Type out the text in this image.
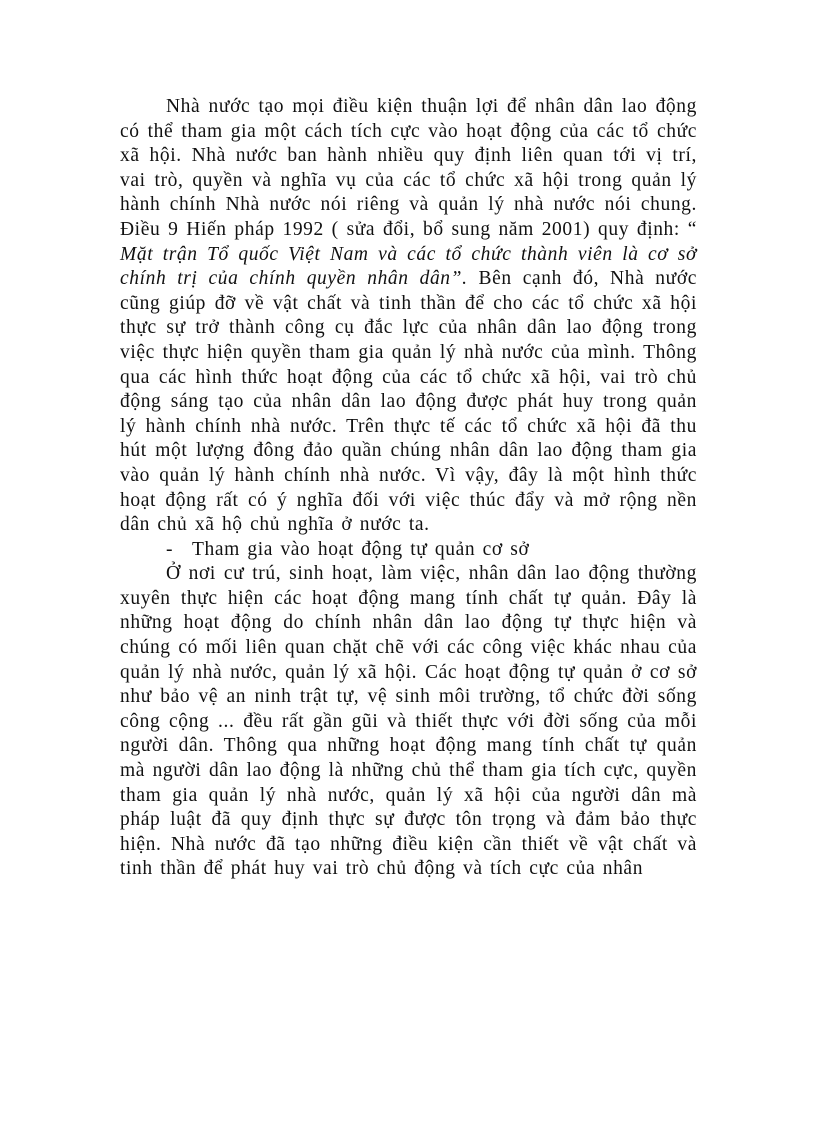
Nhà nước tạo mọi điều kiện thuận lợi để nhân dân lao động có thể tham gia một cách tích cực vào hoạt động của các tổ chức xã hội. Nhà nước ban hành nhiều quy định liên quan tới vị trí, vai trò, quyền và nghĩa vụ của các tổ chức xã hội trong quản lý hành chính Nhà nước nói riêng và quản lý nhà nước nói chung. Điều 9 Hiến pháp 1992 ( sửa đổi, bổ sung năm 2001) quy định: “ Mặt trận Tổ quốc Việt Nam và các tổ chức thành viên là cơ sở chính trị của chính quyền nhân dân”. Bên cạnh đó, Nhà nước cũng giúp đỡ về vật chất và tinh thần để cho các tổ chức xã hội thực sự trở thành công cụ đắc lực của nhân dân lao động trong việc thực hiện quyền tham gia quản lý nhà nước của mình. Thông qua các hình thức hoạt động của các tổ chức xã hội, vai trò chủ động sáng tạo của nhân dân lao động được phát huy trong quản lý hành chính nhà nước. Trên thực tế các tổ chức xã hội đã thu hút một lượng đông đảo quần chúng nhân dân lao động tham gia vào quản lý hành chính nhà nước. Vì vậy, đây là một hình thức hoạt động rất có ý nghĩa đối với việc thúc đẩy và mở rộng nền dân chủ xã hộ chủ nghĩa ở nước ta.

- Tham gia vào hoạt động tự quản cơ sở

Ở nơi cư trú, sinh hoạt, làm việc, nhân dân lao động thường xuyên thực hiện các hoạt động mang tính chất tự quản. Đây là những hoạt động do chính nhân dân lao động tự thực hiện và chúng có mối liên quan chặt chẽ với các công việc khác nhau của quản lý nhà nước, quản lý xã hội. Các hoạt động tự quản ở cơ sở như bảo vệ an ninh trật tự, vệ sinh môi trường, tổ chức đời sống công cộng ... đều rất gần gũi và thiết thực với đời sống của mỗi người dân. Thông qua những hoạt động mang tính chất tự quản mà người dân lao động là những chủ thể tham gia tích cực, quyền tham gia quản lý nhà nước, quản lý xã hội của người dân mà pháp luật đã quy định thực sự được tôn trọng và đảm bảo thực hiện. Nhà nước đã tạo những điều kiện cần thiết về vật chất và tinh thần để phát huy vai trò chủ động và tích cực của nhân
